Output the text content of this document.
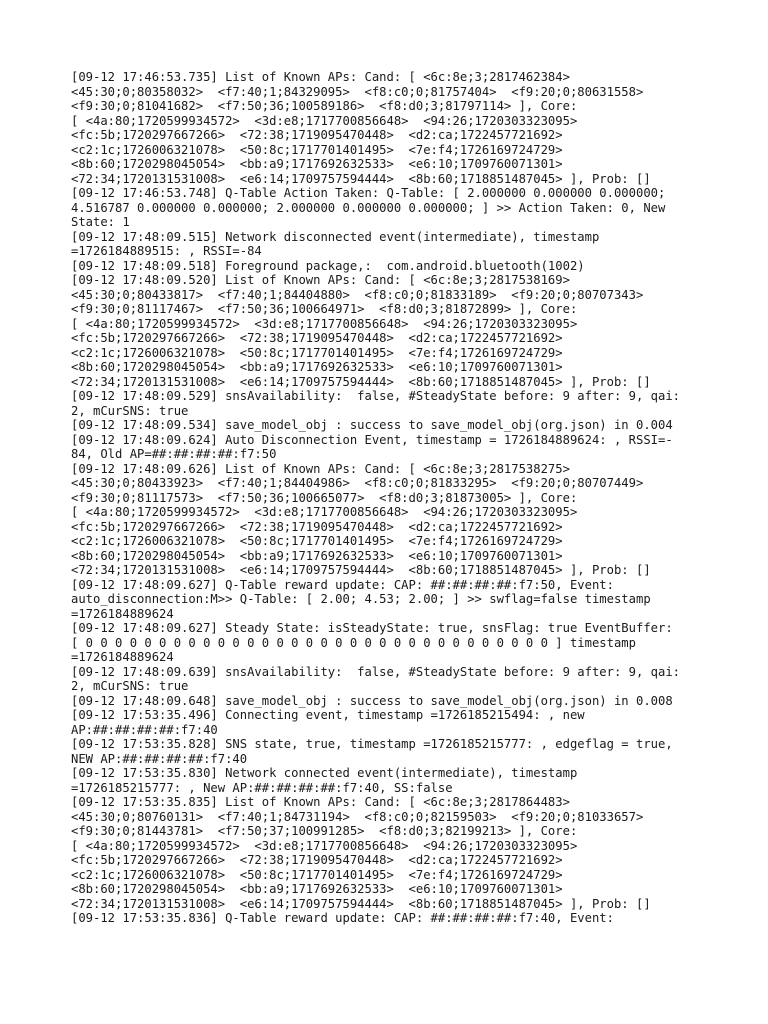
[09-12 17:46:53.735] List of Known APs: Cand: [ <6c:8e;3;2817462384>
<45:30;0;80358032>  <f7:40;1;84329095>  <f8:c0;0;81757404>  <f9:20;0;80631558>
<f9:30;0;81041682>  <f7:50;36;100589186>  <f8:d0;3;81797114> ], Core:
[ <4a:80;1720599934572>  <3d:e8;1717700856648>  <94:26;1720303323095>
<fc:5b;1720297667266>  <72:38;1719095470448>  <d2:ca;1722457721692>
<c2:1c;1726006321078>  <50:8c;1717701401495>  <7e:f4;1726169724729>
<8b:60;1720298045054>  <bb:a9;1717692632533>  <e6:10;1709760071301>
<72:34;1720131531008>  <e6:14;1709757594444>  <8b:60;1718851487045> ], Prob: []
[09-12 17:46:53.748] Q-Table Action Taken: Q-Table: [ 2.000000 0.000000 0.000000;
4.516787 0.000000 0.000000; 2.000000 0.000000 0.000000; ] >> Action Taken: 0, New
State: 1
[09-12 17:48:09.515] Network disconnected event(intermediate), timestamp
=1726184889515: , RSSI=-84
[09-12 17:48:09.518] Foreground package,:  com.android.bluetooth(1002)
[09-12 17:48:09.520] List of Known APs: Cand: [ <6c:8e;3;2817538169>
<45:30;0;80433817>  <f7:40;1;84404880>  <f8:c0;0;81833189>  <f9:20;0;80707343>
<f9:30;0;81117467>  <f7:50;36;100664971>  <f8:d0;3;81872899> ], Core:
[ <4a:80;1720599934572>  <3d:e8;1717700856648>  <94:26;1720303323095>
<fc:5b;1720297667266>  <72:38;1719095470448>  <d2:ca;1722457721692>
<c2:1c;1726006321078>  <50:8c;1717701401495>  <7e:f4;1726169724729>
<8b:60;1720298045054>  <bb:a9;1717692632533>  <e6:10;1709760071301>
<72:34;1720131531008>  <e6:14;1709757594444>  <8b:60;1718851487045> ], Prob: []
[09-12 17:48:09.529] snsAvailability:  false, #SteadyState before: 9 after: 9, qai:
2, mCurSNS: true
[09-12 17:48:09.534] save_model_obj : success to save_model_obj(org.json) in 0.004
[09-12 17:48:09.624] Auto Disconnection Event, timestamp = 1726184889624: , RSSI=-
84, Old AP=##:##:##:##:f7:50
[09-12 17:48:09.626] List of Known APs: Cand: [ <6c:8e;3;2817538275>
<45:30;0;80433923>  <f7:40;1;84404986>  <f8:c0;0;81833295>  <f9:20;0;80707449>
<f9:30;0;81117573>  <f7:50;36;100665077>  <f8:d0;3;81873005> ], Core:
[ <4a:80;1720599934572>  <3d:e8;1717700856648>  <94:26;1720303323095>
<fc:5b;1720297667266>  <72:38;1719095470448>  <d2:ca;1722457721692>
<c2:1c;1726006321078>  <50:8c;1717701401495>  <7e:f4;1726169724729>
<8b:60;1720298045054>  <bb:a9;1717692632533>  <e6:10;1709760071301>
<72:34;1720131531008>  <e6:14;1709757594444>  <8b:60;1718851487045> ], Prob: []
[09-12 17:48:09.627] Q-Table reward update: CAP: ##:##:##:##:f7:50, Event:
auto_disconnection:M>> Q-Table: [ 2.00; 4.53; 2.00; ] >> swflag=false timestamp
=1726184889624
[09-12 17:48:09.627] Steady State: isSteadyState: true, snsFlag: true EventBuffer:
[ 0 0 0 0 0 0 0 0 0 0 0 0 0 0 0 0 0 0 0 0 0 0 0 0 0 0 0 0 0 0 0 0 ] timestamp
=1726184889624
[09-12 17:48:09.639] snsAvailability:  false, #SteadyState before: 9 after: 9, qai:
2, mCurSNS: true
[09-12 17:48:09.648] save_model_obj : success to save_model_obj(org.json) in 0.008
[09-12 17:53:35.496] Connecting event, timestamp =1726185215494: , new
AP:##:##:##:##:f7:40
[09-12 17:53:35.828] SNS state, true, timestamp =1726185215777: , edgeflag = true,
NEW AP:##:##:##:##:f7:40
[09-12 17:53:35.830] Network connected event(intermediate), timestamp
=1726185215777: , New AP:##:##:##:##:f7:40, SS:false
[09-12 17:53:35.835] List of Known APs: Cand: [ <6c:8e;3;2817864483>
<45:30;0;80760131>  <f7:40;1;84731194>  <f8:c0;0;82159503>  <f9:20;0;81033657>
<f9:30;0;81443781>  <f7:50;37;100991285>  <f8:d0;3;82199213> ], Core:
[ <4a:80;1720599934572>  <3d:e8;1717700856648>  <94:26;1720303323095>
<fc:5b;1720297667266>  <72:38;1719095470448>  <d2:ca;1722457721692>
<c2:1c;1726006321078>  <50:8c;1717701401495>  <7e:f4;1726169724729>
<8b:60;1720298045054>  <bb:a9;1717692632533>  <e6:10;1709760071301>
<72:34;1720131531008>  <e6:14;1709757594444>  <8b:60;1718851487045> ], Prob: []
[09-12 17:53:35.836] Q-Table reward update: CAP: ##:##:##:##:f7:40, Event:
